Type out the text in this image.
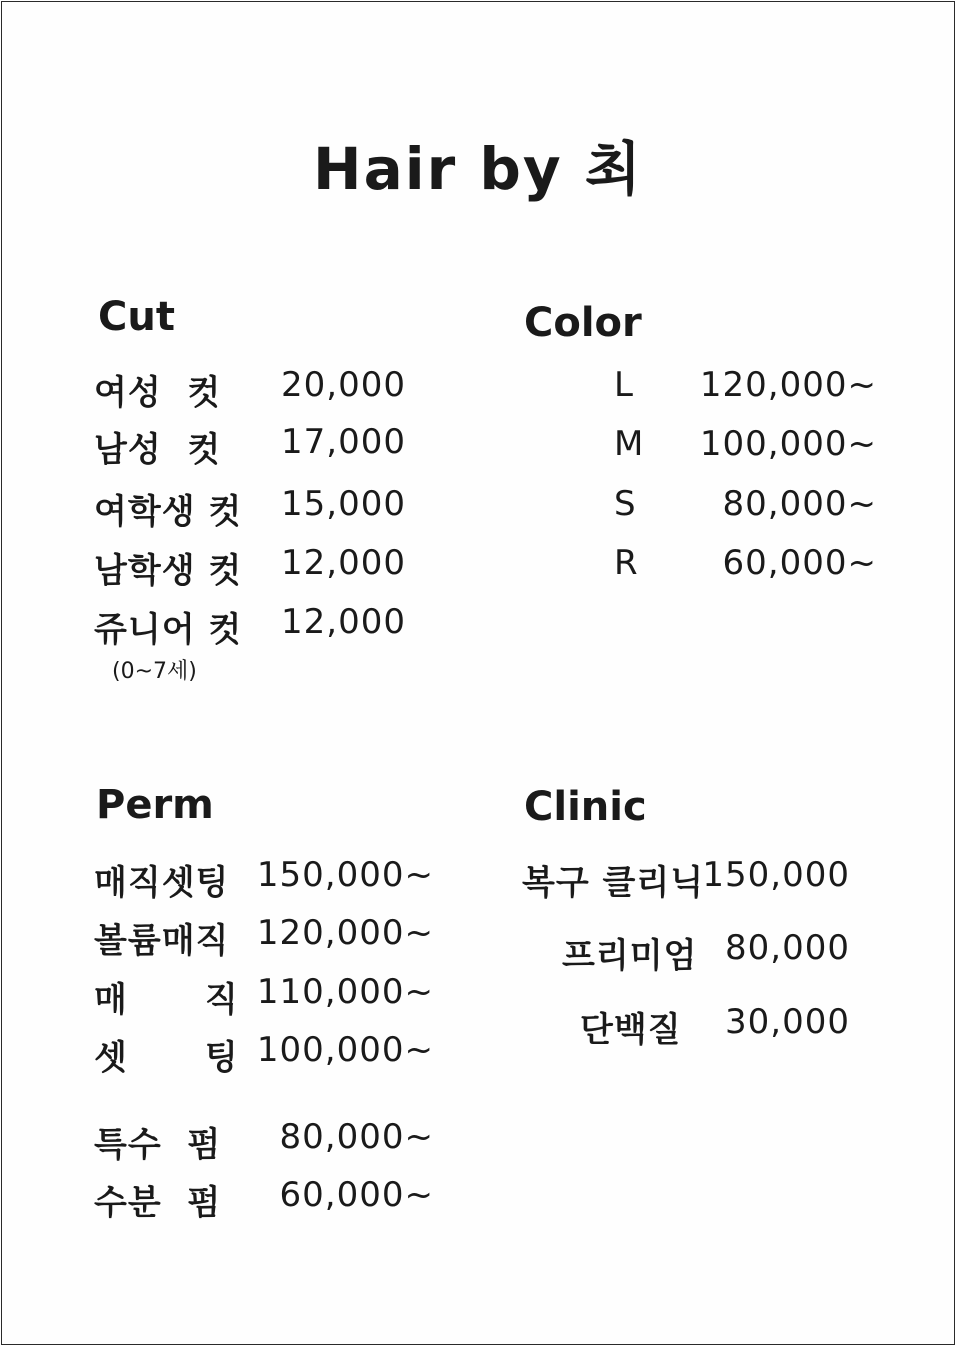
Hair by 최
Cut

여성  컷

20,000

남성  컷

17,000

여학생 컷

15,000

남학생 컷

12,000

쥬니어 컷

12,000

(0~7세)
Color

L

120,000~

M

100,000~

S

	80,000~

R

60,000~

Perm

매직셋팅

150,000~

볼륨매직

120,000~

매      직

110,000~

셋      팅

100,000~

특수  펌

80,000~

수분  펌

60,000~

Clinic

복구 클리닉

150,000

프리미엄

80,000

단백질

30,000
